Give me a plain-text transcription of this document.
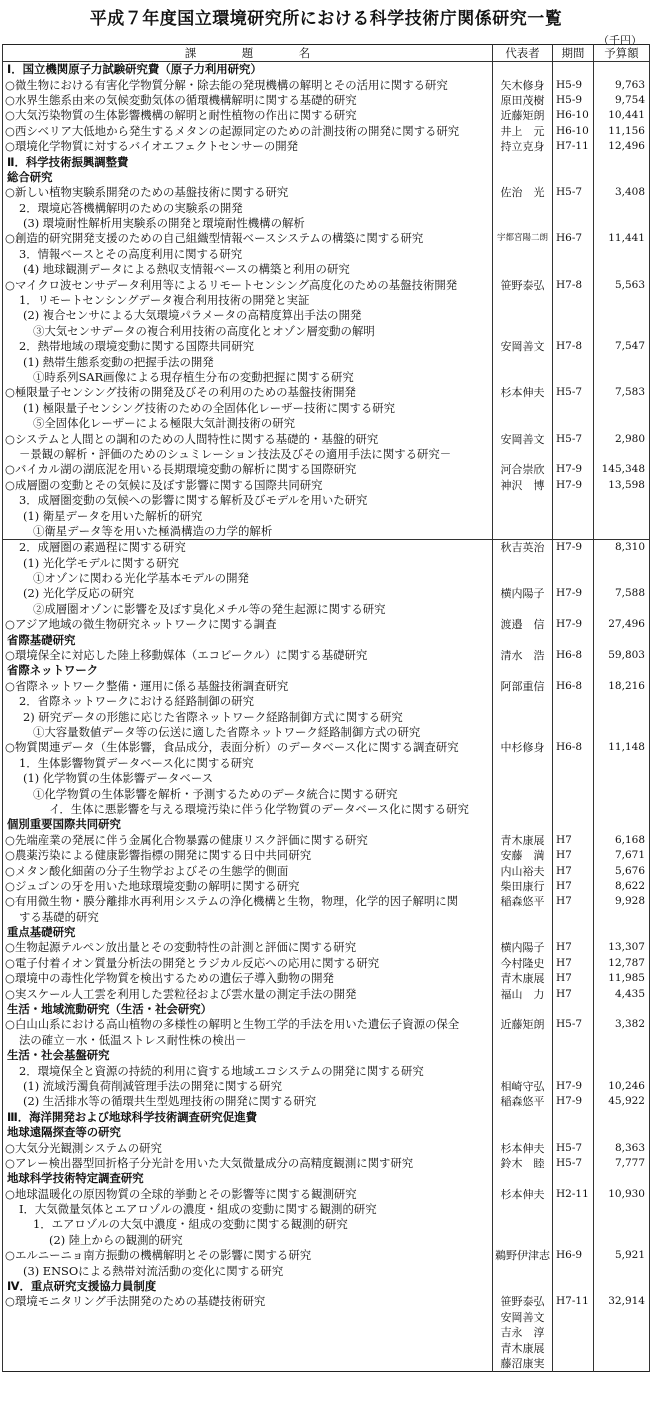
平成７年度国立環境研究所における科学技術庁関係研究一覧
（千円）
課　　　　題　　　　名	代表者	期間	予算額
Ⅰ．国立機関原子力試験研究費（原子力利用研究）			
○微生物における有害化学物質分解・除去能の発現機構の解明とその活用に関する研究	矢木修身	H5-9	9,763
○水界生態系由来の気候変動気体の循環機構解明に関する基礎的研究	原田茂樹	H5-9	9,754
○大気汚染物質の生体影響機構の解明と耐性植物の作出に関する研究	近藤矩朗	H6-10	10,441
○西シベリア大低地から発生するメタンの起源同定のための計測技術の開発に関する研究	井上　元	H6-10	11,156
○環境化学物質に対するバイオエフェクトセンサーの開発	持立克身	H7-11	12,496
Ⅱ．科学技術振興調整費			
総合研究			
○新しい植物実験系開発のための基盤技術に関する研究	佐治　光	H5-7	3,408
2．環境応答機構解明のための実験系の開発			
(3) 環境耐性解析用実験系の開発と環境耐性機構の解析			
○創造的研究開発支援のための自己組織型情報ベースシステムの構築に関する研究	宇都宮陽二朗	H6-7	11,441
3．情報ベースとその高度利用に関する研究			
(4) 地球観測データによる熱収支情報ベースの構築と利用の研究			
○マイクロ波センサデータ利用等によるリモートセンシング高度化のための基盤技術開発	笹野泰弘	H7-8	5,563
1．リモートセンシングデータ複合利用技術の開発と実証			
(2) 複合センサによる大気環境パラメータの高精度算出手法の開発			
③大気センサデータの複合利用技術の高度化とオゾン層変動の解明			
2．熱帯地域の環境変動に関する国際共同研究	安岡善文	H7-8	7,547
(1) 熱帯生態系変動の把握手法の開発			
①時系列SAR画像による現存植生分布の変動把握に関する研究			
○極限量子センシング技術の開発及びその利用のための基盤技術開発	杉本伸夫	H5-7	7,583
(1) 極限量子センシング技術のための全固体化レーザー技術に関する研究			
⑤全固体化レーザーによる極限大気計測技術の研究			
○システムと人間との調和のための人間特性に関する基礎的・基盤的研究	安岡善文	H5-7	2,980
－景観の解析・評価のためのシュミレーション技法及びその適用手法に関する研究－			
○バイカル湖の湖底泥を用いる長期環境変動の解析に関する国際研究	河合崇欣	H7-9	145,348
○成層圏の変動とその気候に及ぼす影響に関する国際共同研究	神沢　博	H7-9	13,598
3．成層圏変動の気候への影響に関する解析及びモデルを用いた研究			
(1) 衛星データを用いた解析的研究			
①衛星データ等を用いた極渦構造の力学的解析			
2．成層圏の素過程に関する研究	秋吉英治	H7-9	8,310
(1) 光化学モデルに関する研究			
①オゾンに関わる光化学基本モデルの開発			
(2) 光化学反応の研究	横内陽子	H7-9	7,588
②成層圏オゾンに影響を及ぼす臭化メチル等の発生起源に関する研究			
○アジア地域の微生物研究ネットワークに関する調査	渡邉　信	H7-9	27,496
省際基礎研究			
○環境保全に対応した陸上移動媒体（エコビークル）に関する基礎研究	清水　浩	H6-8	59,803
省際ネットワーク			
○省際ネットワーク整備・運用に係る基盤技術調査研究	阿部重信	H6-8	18,216
2．省際ネットワークにおける経路制御の研究			
2) 研究データの形態に応じた省際ネットワーク経路制御方式に関する研究			
①大容量数値データ等の伝送に適した省際ネットワーク経路制御方式の研究			
○物質関連データ（生体影響，食品成分，表面分析）のデータベース化に関する調査研究	中杉修身	H6-8	11,148
1．生体影響物質データベース化に関する研究			
(1) 化学物質の生体影響データベース			
①化学物質の生体影響を解析・予測するためのデータ統合に関する研究			
イ．生体に悪影響を与える環境汚染に伴う化学物質のデータベース化に関する研究			
個別重要国際共同研究			
○先端産業の発展に伴う金属化合物暴露の健康リスク評価に関する研究	青木康展	H7	6,168
○農薬汚染による健康影響指標の開発に関する日中共同研究	安藤　満	H7	7,671
○メタン酸化細菌の分子生物学およびその生態学的側面	内山裕夫	H7	5,676
○ジュゴンの牙を用いた地球環境変動の解明に関する研究	柴田康行	H7	8,622
○有用微生物・膜分離排水再利用システムの浄化機構と生物，物理，化学的因子解明に関	稲森悠平	H7	9,928
する基礎的研究			
重点基礎研究			
○生物起源テルペン放出量とその変動特性の計測と評価に関する研究	横内陽子	H7	13,307
○電子付着イオン質量分析法の開発とラジカル反応への応用に関する研究	今村隆史	H7	12,787
○環境中の毒性化学物質を検出するための遺伝子導入動物の開発	青木康展	H7	11,985
○実スケール人工雲を利用した雲粒径および雲水量の測定手法の開発	福山　力	H7	4,435
生活・地域流動研究（生活・社会研究）			
○白山山系における高山植物の多様性の解明と生物工学的手法を用いた遺伝子資源の保全	近藤矩朗	H5-7	3,382
法の確立－水・低温ストレス耐性株の検出－			
生活・社会基盤研究			
2．環境保全と資源の持続的利用に資する地域エコシステムの開発に関する研究			
(1) 流域汚濁負荷削減管理手法の開発に関する研究	相崎守弘	H7-9	10,246
(2) 生活排水等の循環共生型処理技術の開発に関する研究	稲森悠平	H7-9	45,922
Ⅲ．海洋開発および地球科学技術調査研究促進費			
地球遠隔探査等の研究			
○大気分光観測システムの研究	杉本伸夫	H5-7	8,363
○アレー検出器型回折格子分光計を用いた大気微量成分の高精度観測に関す研究	鈴木　睦	H5-7	7,777
地球科学技術特定調査研究			
○地球温暖化の原因物質の全球的挙動とその影響等に関する観測研究	杉本伸夫	H2-11	10,930
Ⅰ．大気微量気体とエアロゾルの濃度・組成の変動に関する観測的研究			
1．エアロゾルの大気中濃度・組成の変動に関する観測的研究			
(2) 陸上からの観測的研究			
○エルニーニョ南方振動の機構解明とその影響に関する研究	鵜野伊津志	H6-9	5,921
(3) ENSOによる熱帯対流活動の変化に関する研究			
Ⅳ．重点研究支援協力員制度			
○環境モニタリング手法開発のための基礎技術研究	笹野泰弘	H7-11	32,914
	安岡善文		
	吉永　淳		
	青木康展		
	藤沼康実		
